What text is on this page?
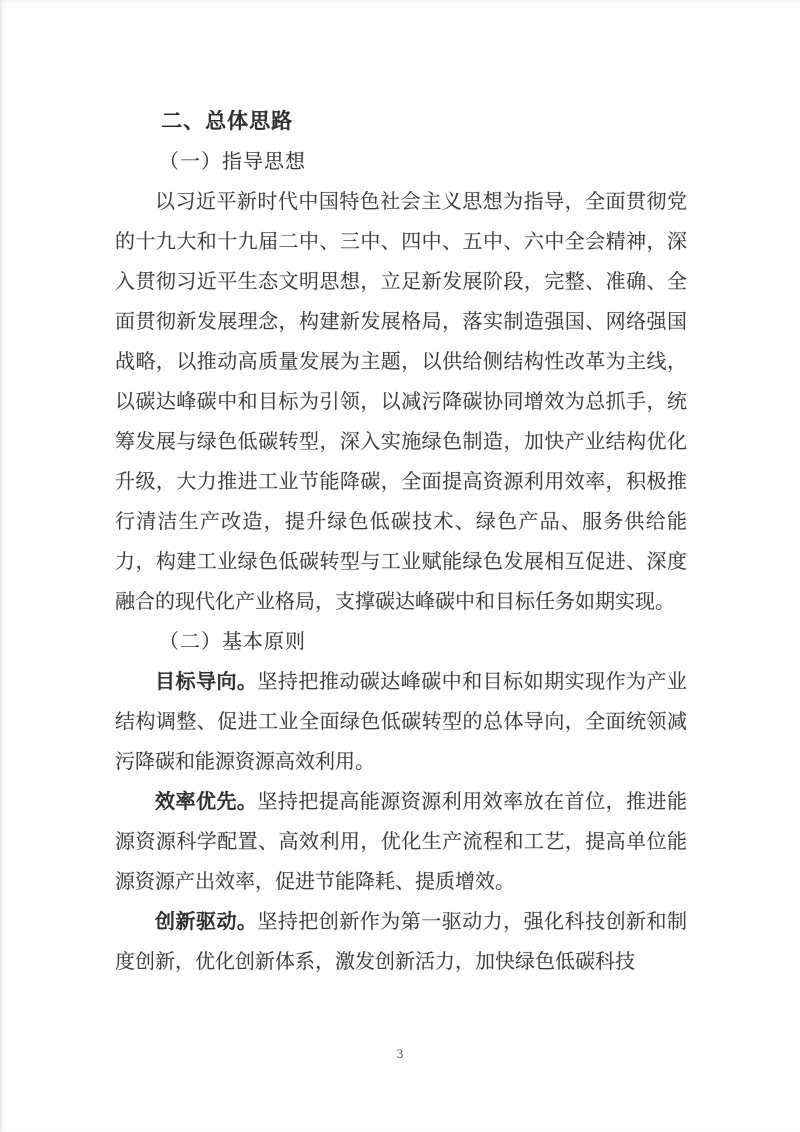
二、总体思路
（一）指导思想

以习近平新时代中国特色社会主义思想为指导，全面贯彻党的十九大和十九届二中、三中、四中、五中、六中全会精神，深入贯彻习近平生态文明思想，立足新发展阶段，完整、准确、全面贯彻新发展理念，构建新发展格局，落实制造强国、网络强国战略，以推动高质量发展为主题，以供给侧结构性改革为主线，以碳达峰碳中和目标为引领，以减污降碳协同增效为总抓手，统筹发展与绿色低碳转型，深入实施绿色制造，加快产业结构优化升级，大力推进工业节能降碳，全面提高资源利用效率，积极推行清洁生产改造，提升绿色低碳技术、绿色产品、服务供给能力，构建工业绿色低碳转型与工业赋能绿色发展相互促进、深度融合的现代化产业格局，支撑碳达峰碳中和目标任务如期实现。

（二）基本原则

目标导向。坚持把推动碳达峰碳中和目标如期实现作为产业结构调整、促进工业全面绿色低碳转型的总体导向，全面统领减污降碳和能源资源高效利用。

效率优先。坚持把提高能源资源利用效率放在首位，推进能源资源科学配置、高效利用，优化生产流程和工艺，提高单位能源资源产出效率，促进节能降耗、提质增效。

创新驱动。坚持把创新作为第一驱动力，强化科技创新和制度创新，优化创新体系，激发创新活力，加快绿色低碳科技

3
